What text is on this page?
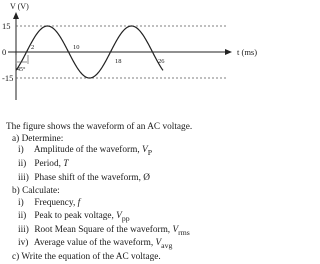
V (V)
t (ms)
15
0
-15
2	10
18	26
45°
The figure shows the waveform of an AC voltage.
a) Determine:
i) Amplitude of the waveform, $V_P$
ii) Period, T
iii) Phase shift of the waveform, Ø
b) Calculate:
i) Frequency, f
ii) Peak to peak voltage, $V_{pp}$
iii) Root Mean Square of the waveform, $V_{rms}$
iv) Average value of the waveform, $V_{avg}$
c) Write the equation of the AC voltage.
